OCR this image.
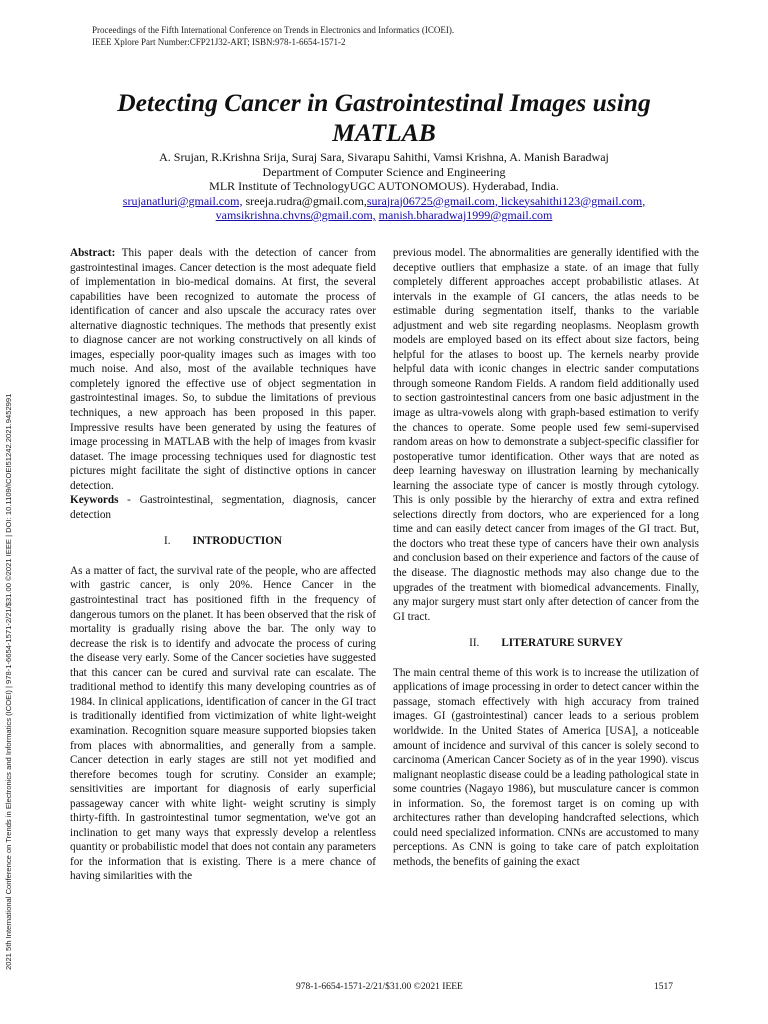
Proceedings of the Fifth International Conference on Trends in Electronics and Informatics (ICOEI).
IEEE Xplore Part Number:CFP21J32-ART; ISBN:978-1-6654-1571-2
Detecting Cancer in Gastrointestinal Images using
MATLAB
A. Srujan, R.Krishna Srija, Suraj Sara, Sivarapu Sahithi, Vamsi Krishna, A. Manish Baradwaj
Department of Computer Science and Engineering
MLR Institute of TechnologyUGC AUTONOMOUS). Hyderabad, India.
srujanatluri@gmail.com, sreeja.rudra@gmail.com,surajraj06725@gmail.com, lickeysahithi123@gmail.com,
vamsikrishna.chvns@gmail.com, manish.bharadwaj1999@gmail.com
2021 5th International Conference on Trends in Electronics and Informatics (ICOEI) | 978-1-6654-1571-2/21/$31.00 ©2021 IEEE | DOI: 10.1109/ICOEI51242.2021.9452991

Abstract: This paper deals with the detection of cancer from gastrointestinal images. Cancer detection is the most adequate field of implementation in bio-medical domains. At first, the several capabilities have been recognized to automate the process of identification of cancer and also upscale the accuracy rates over alternative diagnostic techniques. The methods that presently exist to diagnose cancer are not working constructively on all kinds of images, especially poor-quality images such as images with too much noise. And also, most of the available techniques have completely ignored the effective use of object segmentation in gastrointestinal images. So, to subdue the limitations of previous techniques, a new approach has been proposed in this paper. Impressive results have been generated by using the features of image processing in MATLAB with the help of images from kvasir dataset. The image processing techniques used for diagnostic test pictures might facilitate the sight of distinctive options in cancer detection.

Keywords - Gastrointestinal, segmentation, diagnosis, cancer detection

I. INTRODUCTION

As a matter of fact, the survival rate of the people, who are affected with gastric cancer, is only 20%. Hence Cancer in the gastrointestinal tract has positioned fifth in the frequency of dangerous tumors on the planet. It has been observed that the risk of mortality is gradually rising above the bar. The only way to decrease the risk is to identify and advocate the process of curing the disease very early. Some of the Cancer societies have suggested that this cancer can be cured and survival rate can escalate. The traditional method to identify this many developing countries as of 1984. In clinical applications, identification of cancer in the GI tract is traditionally identified from victimization of white light-weight examination. Recognition square measure supported biopsies taken from places with abnormalities, and generally from a sample. Cancer detection in early stages are still not yet modified and therefore becomes tough for scrutiny. Consider an example; sensitivities are important for diagnosis of early superficial passageway cancer with white light- weight scrutiny is simply thirty-fifth. In gastrointestinal tumor segmentation, we've got an inclination to get many ways that expressly develop a relentless quantity or probabilistic model that does not contain any parameters for the information that is existing. There is a mere chance of having similarities with the

previous model. The abnormalities are generally identified with the deceptive outliers that emphasize a state. of an image that fully completely different approaches accept probabilistic atlases. At intervals in the example of GI cancers, the atlas needs to be estimable during segmentation itself, thanks to the variable adjustment and web site regarding neoplasms. Neoplasm growth models are employed based on its effect about size factors, being helpful for the atlases to boost up. The kernels nearby provide helpful data with iconic changes in electric sander computations through someone Random Fields. A random field additionally used to section gastrointestinal cancers from one basic adjustment in the image as ultra-vowels along with graph-based estimation to verify the chances to operate. Some people used few semi-supervised random areas on how to demonstrate a subject-specific classifier for postoperative tumor identification. Other ways that are noted as deep learning havesway on illustration learning by mechanically learning the associate type of cancer is mostly through cytology. This is only possible by the hierarchy of extra and extra refined selections directly from doctors, who are experienced for a long time and can easily detect cancer from images of the GI tract. But, the doctors who treat these type of cancers have their own analysis and conclusion based on their experience and factors of the cause of the disease. The diagnostic methods may also change due to the upgrades of the treatment with biomedical advancements. Finally, any major surgery must start only after detection of cancer from the GI tract.

II. LITERATURE SURVEY

The main central theme of this work is to increase the utilization of applications of image processing in order to detect cancer within the passage, stomach effectively with high accuracy from trained images. GI (gastrointestinal) cancer leads to a serious problem worldwide. In the United States of America [USA], a noticeable amount of incidence and survival of this cancer is solely second to carcinoma (American Cancer Society as of in the year 1990). viscus malignant neoplastic disease could be a leading pathological state in some countries (Nagayo 1986), but musculature cancer is common in information. So, the foremost target is on coming up with architectures rather than developing handcrafted selections, which could need specialized information. CNNs are accustomed to many perceptions. As CNN is going to take care of patch exploitation methods, the benefits of gaining the exact

978-1-6654-1571-2/21/$31.00 ©2021 IEEE	1517
